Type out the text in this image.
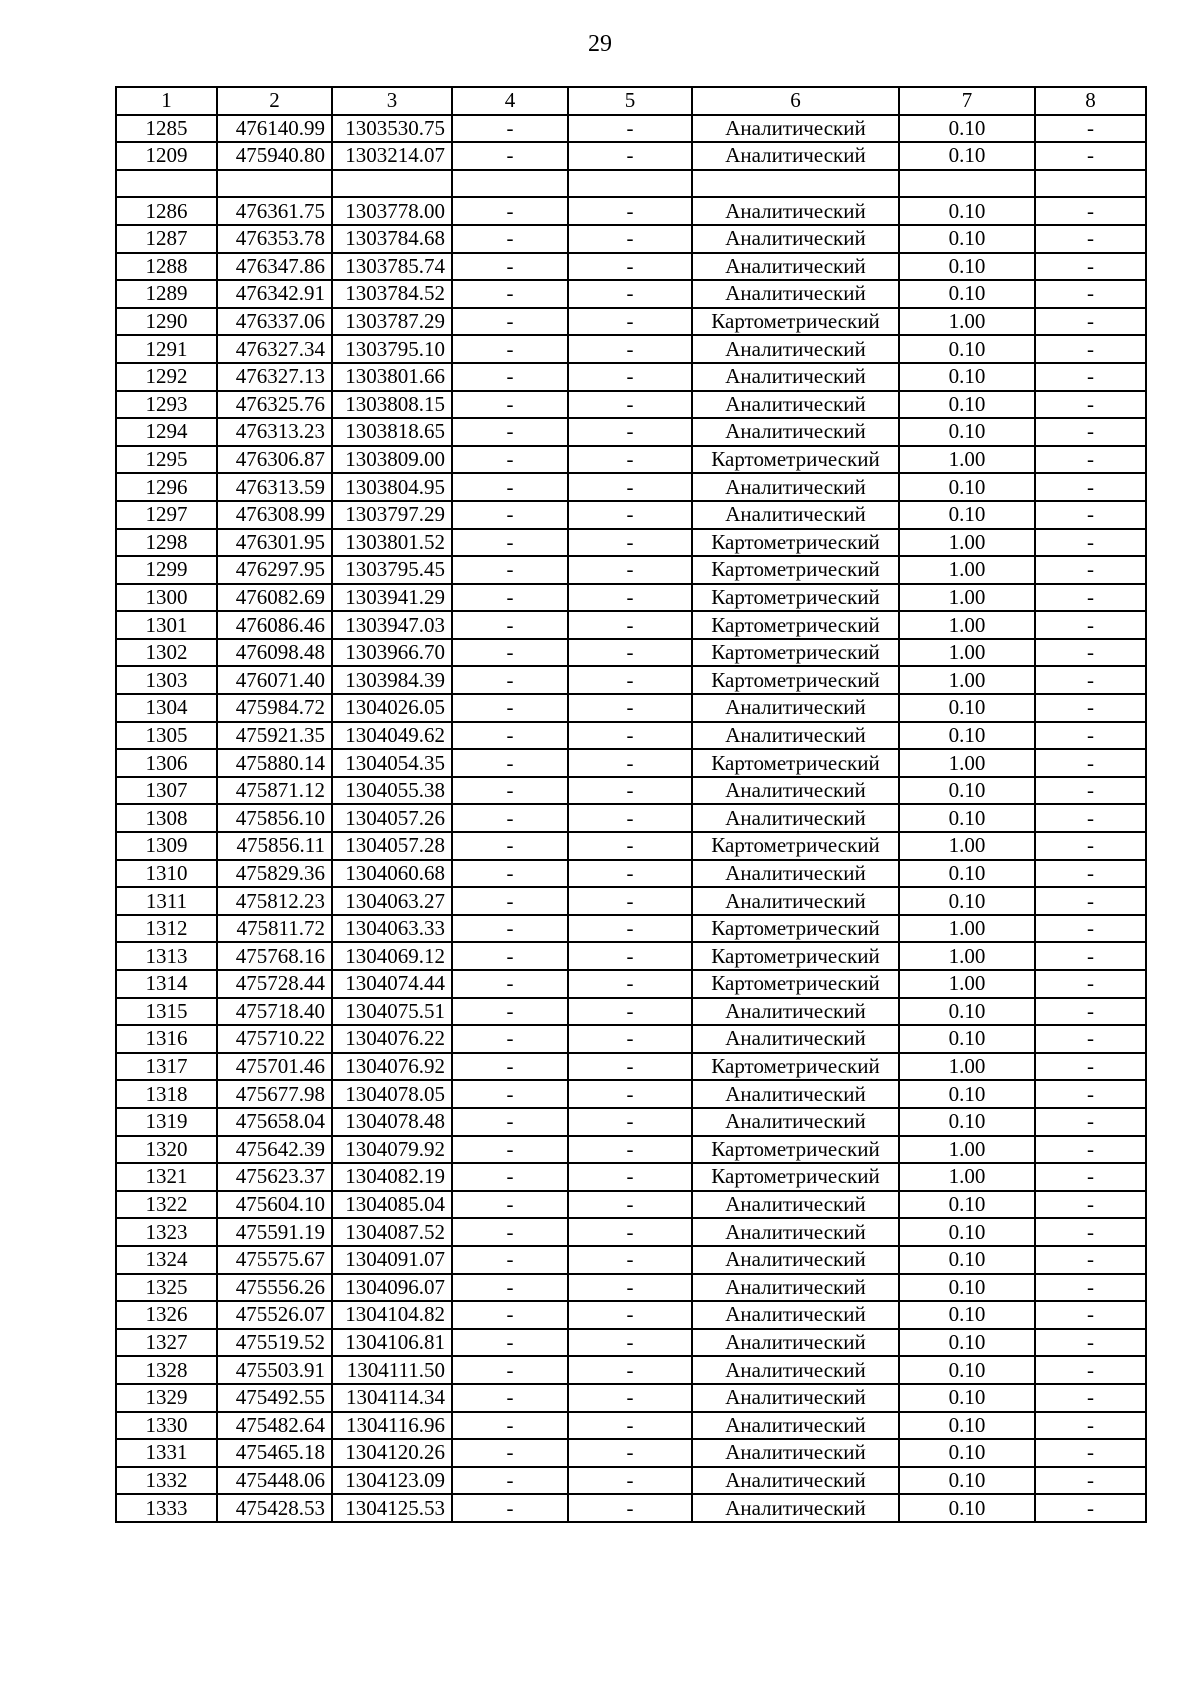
29
1	2	3	4	5	6	7	8
1285	476140.99	1303530.75	-	-	Аналитический	0.10	-
1209	475940.80	1303214.07	-	-	Аналитический	0.10	-

1286	476361.75	1303778.00	-	-	Аналитический	0.10	-
1287	476353.78	1303784.68	-	-	Аналитический	0.10	-
1288	476347.86	1303785.74	-	-	Аналитический	0.10	-
1289	476342.91	1303784.52	-	-	Аналитический	0.10	-
1290	476337.06	1303787.29	-	-	Картометрический	1.00	-
1291	476327.34	1303795.10	-	-	Аналитический	0.10	-
1292	476327.13	1303801.66	-	-	Аналитический	0.10	-
1293	476325.76	1303808.15	-	-	Аналитический	0.10	-
1294	476313.23	1303818.65	-	-	Аналитический	0.10	-
1295	476306.87	1303809.00	-	-	Картометрический	1.00	-
1296	476313.59	1303804.95	-	-	Аналитический	0.10	-
1297	476308.99	1303797.29	-	-	Аналитический	0.10	-
1298	476301.95	1303801.52	-	-	Картометрический	1.00	-
1299	476297.95	1303795.45	-	-	Картометрический	1.00	-
1300	476082.69	1303941.29	-	-	Картометрический	1.00	-
1301	476086.46	1303947.03	-	-	Картометрический	1.00	-
1302	476098.48	1303966.70	-	-	Картометрический	1.00	-
1303	476071.40	1303984.39	-	-	Картометрический	1.00	-
1304	475984.72	1304026.05	-	-	Аналитический	0.10	-
1305	475921.35	1304049.62	-	-	Аналитический	0.10	-
1306	475880.14	1304054.35	-	-	Картометрический	1.00	-
1307	475871.12	1304055.38	-	-	Аналитический	0.10	-
1308	475856.10	1304057.26	-	-	Аналитический	0.10	-
1309	475856.11	1304057.28	-	-	Картометрический	1.00	-
1310	475829.36	1304060.68	-	-	Аналитический	0.10	-
1311	475812.23	1304063.27	-	-	Аналитический	0.10	-
1312	475811.72	1304063.33	-	-	Картометрический	1.00	-
1313	475768.16	1304069.12	-	-	Картометрический	1.00	-
1314	475728.44	1304074.44	-	-	Картометрический	1.00	-
1315	475718.40	1304075.51	-	-	Аналитический	0.10	-
1316	475710.22	1304076.22	-	-	Аналитический	0.10	-
1317	475701.46	1304076.92	-	-	Картометрический	1.00	-
1318	475677.98	1304078.05	-	-	Аналитический	0.10	-
1319	475658.04	1304078.48	-	-	Аналитический	0.10	-
1320	475642.39	1304079.92	-	-	Картометрический	1.00	-
1321	475623.37	1304082.19	-	-	Картометрический	1.00	-
1322	475604.10	1304085.04	-	-	Аналитический	0.10	-
1323	475591.19	1304087.52	-	-	Аналитический	0.10	-
1324	475575.67	1304091.07	-	-	Аналитический	0.10	-
1325	475556.26	1304096.07	-	-	Аналитический	0.10	-
1326	475526.07	1304104.82	-	-	Аналитический	0.10	-
1327	475519.52	1304106.81	-	-	Аналитический	0.10	-
1328	475503.91	1304111.50	-	-	Аналитический	0.10	-
1329	475492.55	1304114.34	-	-	Аналитический	0.10	-
1330	475482.64	1304116.96	-	-	Аналитический	0.10	-
1331	475465.18	1304120.26	-	-	Аналитический	0.10	-
1332	475448.06	1304123.09	-	-	Аналитический	0.10	-
1333	475428.53	1304125.53	-	-	Аналитический	0.10	-
